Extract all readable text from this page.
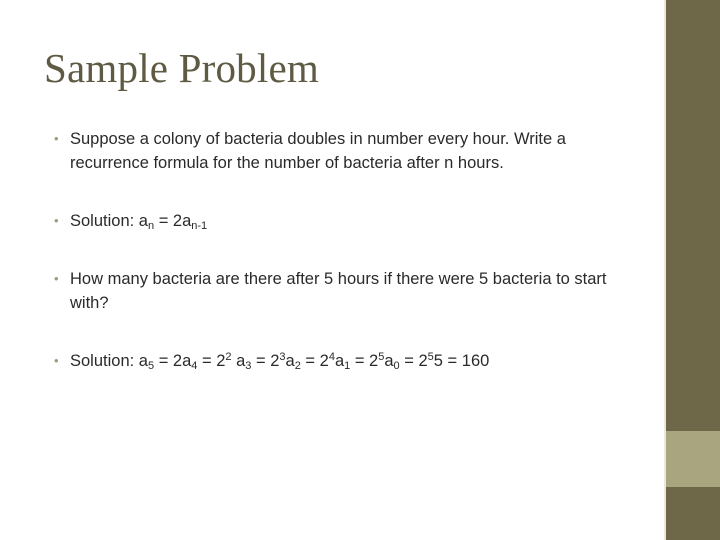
Sample Problem
• Suppose a colony of bacteria doubles in number every hour. Write a recurrence formula for the number of bacteria after n hours.
• Solution: $a_n = 2a_{n-1}$
• How many bacteria are there after 5 hours if there were 5 bacteria to start with?
• Solution: $a_5 = 2a_4 = 2^2$ $a_3 = 2^3a_2 = 2^4a_1 = 2^5a_0 = 2^55 = 160$
